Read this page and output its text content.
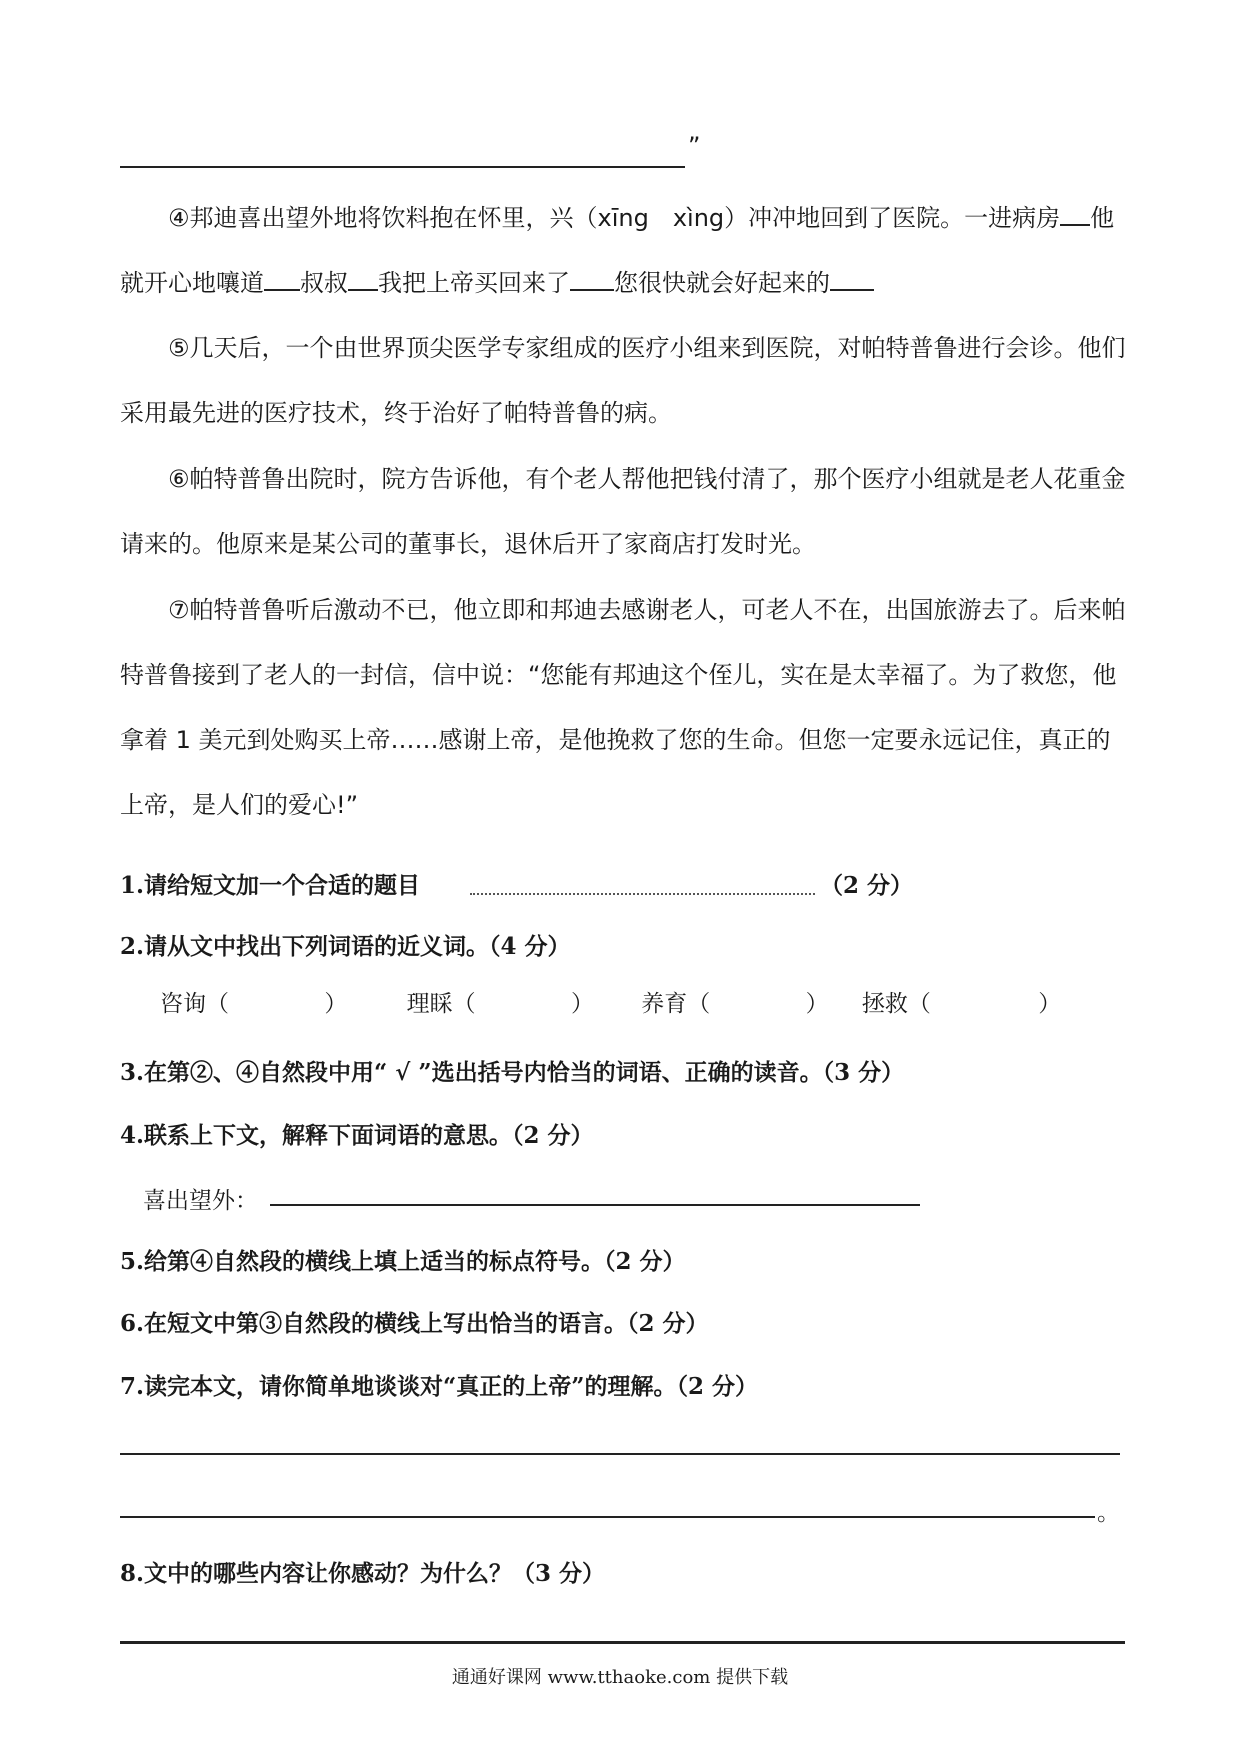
”

④邦迪喜出望外地将饮料抱在怀里，兴（xīng　xìng）冲冲地回到了医院。一进病房 他就开心地嚷道 叔叔 我把上帝买回来了 您很快就会好起来的

⑤几天后，一个由世界顶尖医学专家组成的医疗小组来到医院，对帕特普鲁进行会诊。他们采用最先进的医疗技术，终于治好了帕特普鲁的病。

⑥帕特普鲁出院时，院方告诉他，有个老人帮他把钱付清了，那个医疗小组就是老人花重金请来的。他原来是某公司的董事长，退休后开了家商店打发时光。

⑦帕特普鲁听后激动不已，他立即和邦迪去感谢老人，可老人不在，出国旅游去了。后来帕特普鲁接到了老人的一封信，信中说：“您能有邦迪这个侄儿，实在是太幸福了。为了救您，他拿着 1 美元到处购买上帝……感谢上帝，是他挽救了您的生命。但您一定要永远记住，真正的上帝，是人们的爱心!”

1.请给短文加一个合适的题目	（2 分）
2.请从文中找出下列词语的近义词。（4 分）
咨询（	）	理睬（	） 养育（	） 拯救（	）
3.在第②、④自然段中用“ √ ”选出括号内恰当的词语、正确的读音。（3 分）
4.联系上下文，解释下面词语的意思。（2 分）
喜出望外：
5.给第④自然段的横线上填上适当的标点符号。（2 分）
6.在短文中第③自然段的横线上写出恰当的语言。（2 分）
7.读完本文，请你简单地谈谈对“真正的上帝”的理解。（2 分）
。
8.文中的哪些内容让你感动？为什么？（3 分）
通通好课网 www.tthaoke.com 提供下载
